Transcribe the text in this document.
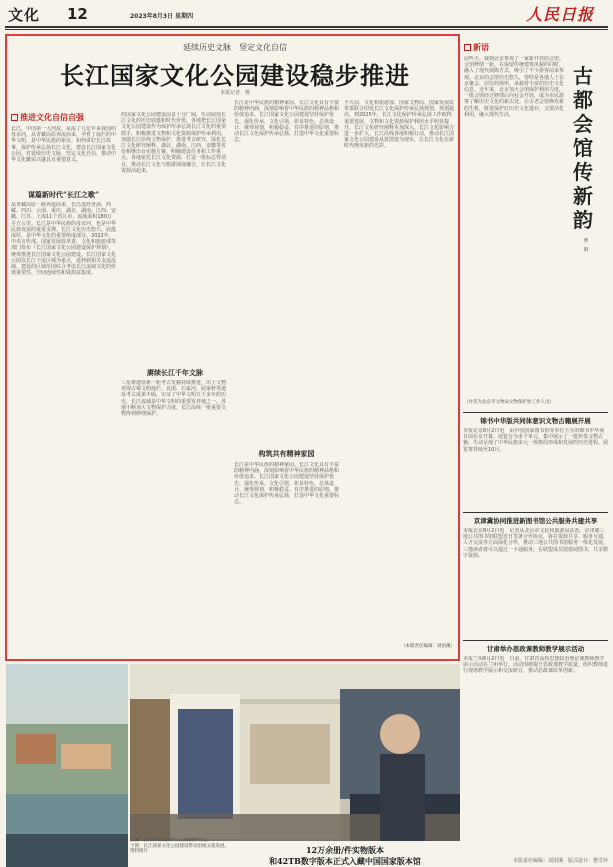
文化 12	2023年8月3日 星期四	人民日报
延续历史文脉　坚定文化自信
长江国家文化公园建设稳步推进
本报记者　曹
推进文化自信自强
长江，中国第一大河流，是流了几亿年来我国的母亲河，从青藏高原奔流而来，孕育了灿烂的中华文明，是中华民族的象征。如何讲好长江故事，保护传承弘扬长江文化，建设长江国家文化公园，对延续历史文脉、坚定文化自信、推动中华文化繁荣兴盛具有重要意义。
谋篇新时代“长江之歌”
从青藏高原一路奔流而来，长江流经青海、西藏、四川、云南、重庆、湖北、湖南、江西、安徽、江苏、上海11个省区市，流域面积180万平方公里。长江是中华民族的母亲河，也是中华民族发展的重要支撑。长江文化历史悠久、底蕴深厚，是中华文化的重要组成部分。2022年，中央宣传部、国家发展改革委、文化和旅游部等部门发布《长江国家文化公园建设保护规划》，统筹推进长江国家文化公园建设。长江国家文化公园以长江干流区域为重点，延伸到相关支流流域，建设的区域范围综合考虑长江流域文化的价值重要性、空间连续性和资源富集度。
的国家文化公园建设前景十分广阔，生动展现长江文化的历史底蕴和时代价值。各地把长江国家文化公园建设作为保护传承弘扬长江文化的重要抓手，积极推进文物和文化资源保护传承利用，加强长江沿线文物保护，推进考古研究，深化长江文化研究阐释。湖北、湖南、江西、安徽等省份相继出台实施方案，明确建设任务和工作重点。各地依托长江文化资源，打造一批标志性项目，推动长江文化与旅游深度融合，让长江文化资源活起来。
赓续长江千年文脉
三星堆遗址新一轮考古发掘持续推进，出土文物再现古蜀文明灿烂。良渚、石家河、屈家岭等遗址考古成果丰硕，实证了中华文明五千多年的历史，长江流域是中华文明的重要发祥地之一。各地不断加大文物保护力度，长江沿线一批重要文物得到修缮保护。
长江是中华民族的精神家园。长江文化具有丰富的精神内涵，深刻影响着中华民族的精神品格和价值追求。长江国家文化公园建设坚持保护优先、强化传承，文化引领、彰显特色，总体设计、统筹规划，积极稳妥、有序推进的原则，推动长江文化保护传承弘扬，打造中华文化重要标志。
构筑共有精神家园
长江是中华民族的精神家园。长江文化具有丰富的精神内涵，深刻影响着中华民族的精神品格和价值追求。长江国家文化公园建设坚持保护优先、强化传承，文化引领、彰显特色，总体设计、统筹规划，积极稳妥、有序推进的原则，推动长江文化保护传承弘扬，打造中华文化重要标志。
不久前，文化和旅游部、国家文物局、国家发展改革委联合印发长江文化保护传承弘扬规划。规划提出，到2025年，长江文化保护传承弘扬工作取得重要进展，文物和文化资源保护利用水平明显提升，长江文化研究阐释更加深入，长江文化影响力进一步扩大。长江沿线各地积极行动，推动长江国家文化公园建设从蓝图变为现实，让长江文化在新时代焕发新的光彩。
（本版责任编辑：刘涓溪）
上图：江苏苏州吴江的东太湖湖畔风光。
下图：长江国家文化公园建设带动沿线文旅发展。
资料图片	12万余册/件实物版本
和42TB数字版本正式入藏中国国家版本馆
新语
前些天，我到北京参观了一家新开放的会馆。会馆修缮一新，在保留传统建筑风貌的同时，融入了现代展陈方式，吸引了不少游客前来参观。北京的会馆历史悠久，曾经是各地人士在京聚会、居住的场所，承载着丰富的历史文化信息。近年来，北京加大会馆保护利用力度，一批会馆经过修缮后向社会开放，成为市民游客了解历史文化的新去处。让古老会馆焕发新的生机，既要保护好历史文化遗存，又要活化利用，融入现代生活。
古都会馆传新韵
曹　钢
（作者为北京市文物局文物保护处工作人员）
锦书中华版共同体意识文物古籍展开展
本报北京8月2日电　由中国国家图书馆等单位主办的锦书中华展日前在京开幕。展览分为多个单元，集中展示了一批珍贵文物古籍，生动呈现了中华民族多元一体格局形成和发展的历史进程。展览将持续至10月。
京津冀协同推进新图书馆公共服务共建共享
本报北京8月2日电　记者从北京市文化和旅游局获悉，京津冀三地公共图书馆联盟近日签署合作协议，将在资源共享、服务互通、人才交流等方面深化合作，推动三地公共图书馆服务一体化发展。三地读者将可以通过一卡通服务，在联盟成员馆借阅图书，共享数字资源。
甘肃举办思政课教师教学展示活动
本报兰州8月2日电　日前，甘肃省高校思想政治理论课教师教学展示活动在兰州举行。活动围绕提升思政课教学质量，组织教师进行现场教学展示和交流研讨，推动思政课改革创新。
本版责任编辑：刘涓溪　版式设计：曹雪萍
